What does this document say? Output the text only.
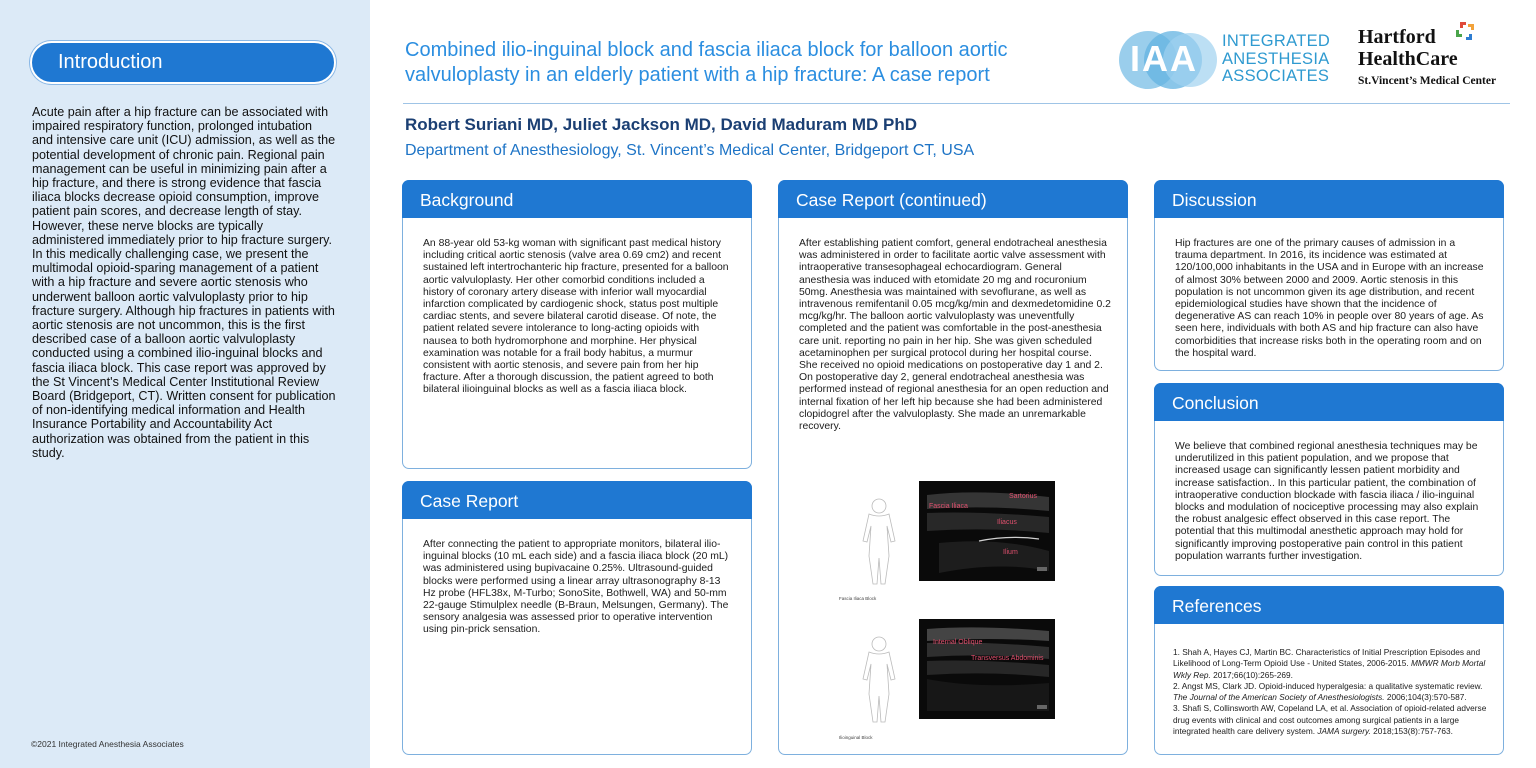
Introduction
Acute pain after a hip fracture can be associated with impaired respiratory function, prolonged intubation and intensive care unit (ICU) admission, as well as the potential development of chronic pain. Regional pain management can be useful in minimizing pain after a hip fracture, and there is strong evidence that fascia iliaca blocks decrease opioid consumption, improve patient pain scores, and decrease length of stay. However, these nerve blocks are typically administered immediately prior to hip fracture surgery. In this medically challenging case, we present the multimodal opioid-sparing management of a patient with a hip fracture and severe aortic stenosis who underwent balloon aortic valvuloplasty prior to hip fracture surgery. Although hip fractures in patients with aortic stenosis are not uncommon, this is the first described case of a balloon aortic valvuloplasty conducted using a combined ilio-inguinal blocks and fascia iliaca block. This case report was approved by the St Vincent's Medical Center Institutional Review Board (Bridgeport, CT). Written consent for publication of non-identifying medical information and Health Insurance Portability and Accountability Act authorization was obtained from the patient in this study.
©2021 Integrated Anesthesia Associates
Combined ilio-inguinal block and fascia iliaca block for balloon aortic valvuloplasty in an elderly patient with a hip fracture: A case report
Robert Suriani MD, Juliet Jackson MD, David Maduram MD PhD
Department of Anesthesiology, St. Vincent’s Medical Center, Bridgeport CT, USA
IAA INTEGRATED
ANESTHESIA
ASSOCIATES
Hartford
HealthCare
St.Vincent’s Medical Center
Background
An 88-year old 53-kg woman with significant past medical history including critical aortic stenosis (valve area 0.69 cm2) and recent sustained left intertrochanteric hip fracture, presented for a balloon aortic valvuloplasty. Her other comorbid conditions included a history of coronary artery disease with inferior wall myocardial infarction complicated by cardiogenic shock, status post multiple cardiac stents, and severe bilateral carotid disease. Of note, the patient related severe intolerance to long-acting opioids with nausea to both hydromorphone and morphine. Her physical examination was notable for a frail body habitus, a murmur consistent with aortic stenosis, and severe pain from her hip fracture. After a thorough discussion, the patient agreed to both bilateral ilioinguinal blocks as well as a fascia iliaca block.
Case Report
After connecting the patient to appropriate monitors, bilateral ilio-inguinal blocks (10 mL each side) and a fascia iliaca block (20 mL) was administered using bupivacaine 0.25%. Ultrasound-guided blocks were performed using a linear array ultrasonography 8-13 Hz probe (HFL38x, M-Turbo; SonoSite, Bothwell, WA) and 50-mm 22-gauge Stimulplex needle (B-Braun, Melsungen, Germany). The sensory analgesia was assessed prior to operative intervention using pin-prick sensation.
Case Report (continued)
After establishing patient comfort, general endotracheal anesthesia was administered in order to facilitate aortic valve assessment with intraoperative transesophageal echocardiogram. General anesthesia was induced with etomidate 20 mg and rocuronium 50mg. Anesthesia was maintained with sevoflurane, as well as intravenous remifentanil 0.05 mcg/kg/min and dexmedetomidine 0.2 mcg/kg/hr. The balloon aortic valvuloplasty was uneventfully completed and the patient was comfortable in the post-anesthesia care unit. reporting no pain in her hip. She was given scheduled acetaminophen per surgical protocol during her hospital course. She received no opioid medications on postoperative day 1 and 2. On postoperative day 2, general endotracheal anesthesia was performed instead of regional anesthesia for an open reduction and internal fixation of her left hip because she had been administered clopidogrel after the valvuloplasty. She made an unremarkable recovery.
Fascia Iliaca Block
Fascia Iliaca
Sartorius
Iliacus
Ilium
Ilioinguinal Block
Internal Oblique
Transversus Abdominis
Discussion
Hip fractures are one of the primary causes of admission in a trauma department. In 2016, its incidence was estimated at 120/100,000 inhabitants in the USA and in Europe with an increase of almost 30% between 2000 and 2009. Aortic stenosis in this population is not uncommon given its age distribution, and recent epidemiological studies have shown that the incidence of degenerative AS can reach 10% in people over 80 years of age. As seen here, individuals with both AS and hip fracture can also have comorbidities that increase risks both in the operating room and on the hospital ward.
Conclusion
We believe that combined regional anesthesia techniques may be underutilized in this patient population, and we propose that increased usage can significantly lessen patient morbidity and increase satisfaction.. In this particular patient, the combination of intraoperative conduction blockade with fascia iliaca / ilio-inguinal blocks and modulation of nociceptive processing may also explain the robust analgesic effect observed in this case report. The potential that this multimodal anesthetic approach may hold for significantly improving postoperative pain control in this patient population warrants further investigation.
References
1. Shah A, Hayes CJ, Martin BC. Characteristics of Initial Prescription Episodes and Likelihood of Long-Term Opioid Use - United States, 2006-2015. MMWR Morb Mortal Wkly Rep. 2017;66(10):265-269.
2. Angst MS, Clark JD. Opioid-induced hyperalgesia: a qualitative systematic review. The Journal of the American Society of Anesthesiologists. 2006;104(3):570-587.
3. Shafi S, Collinsworth AW, Copeland LA, et al. Association of opioid-related adverse drug events with clinical and cost outcomes among surgical patients in a large integrated health care delivery system. JAMA surgery. 2018;153(8):757-763.
